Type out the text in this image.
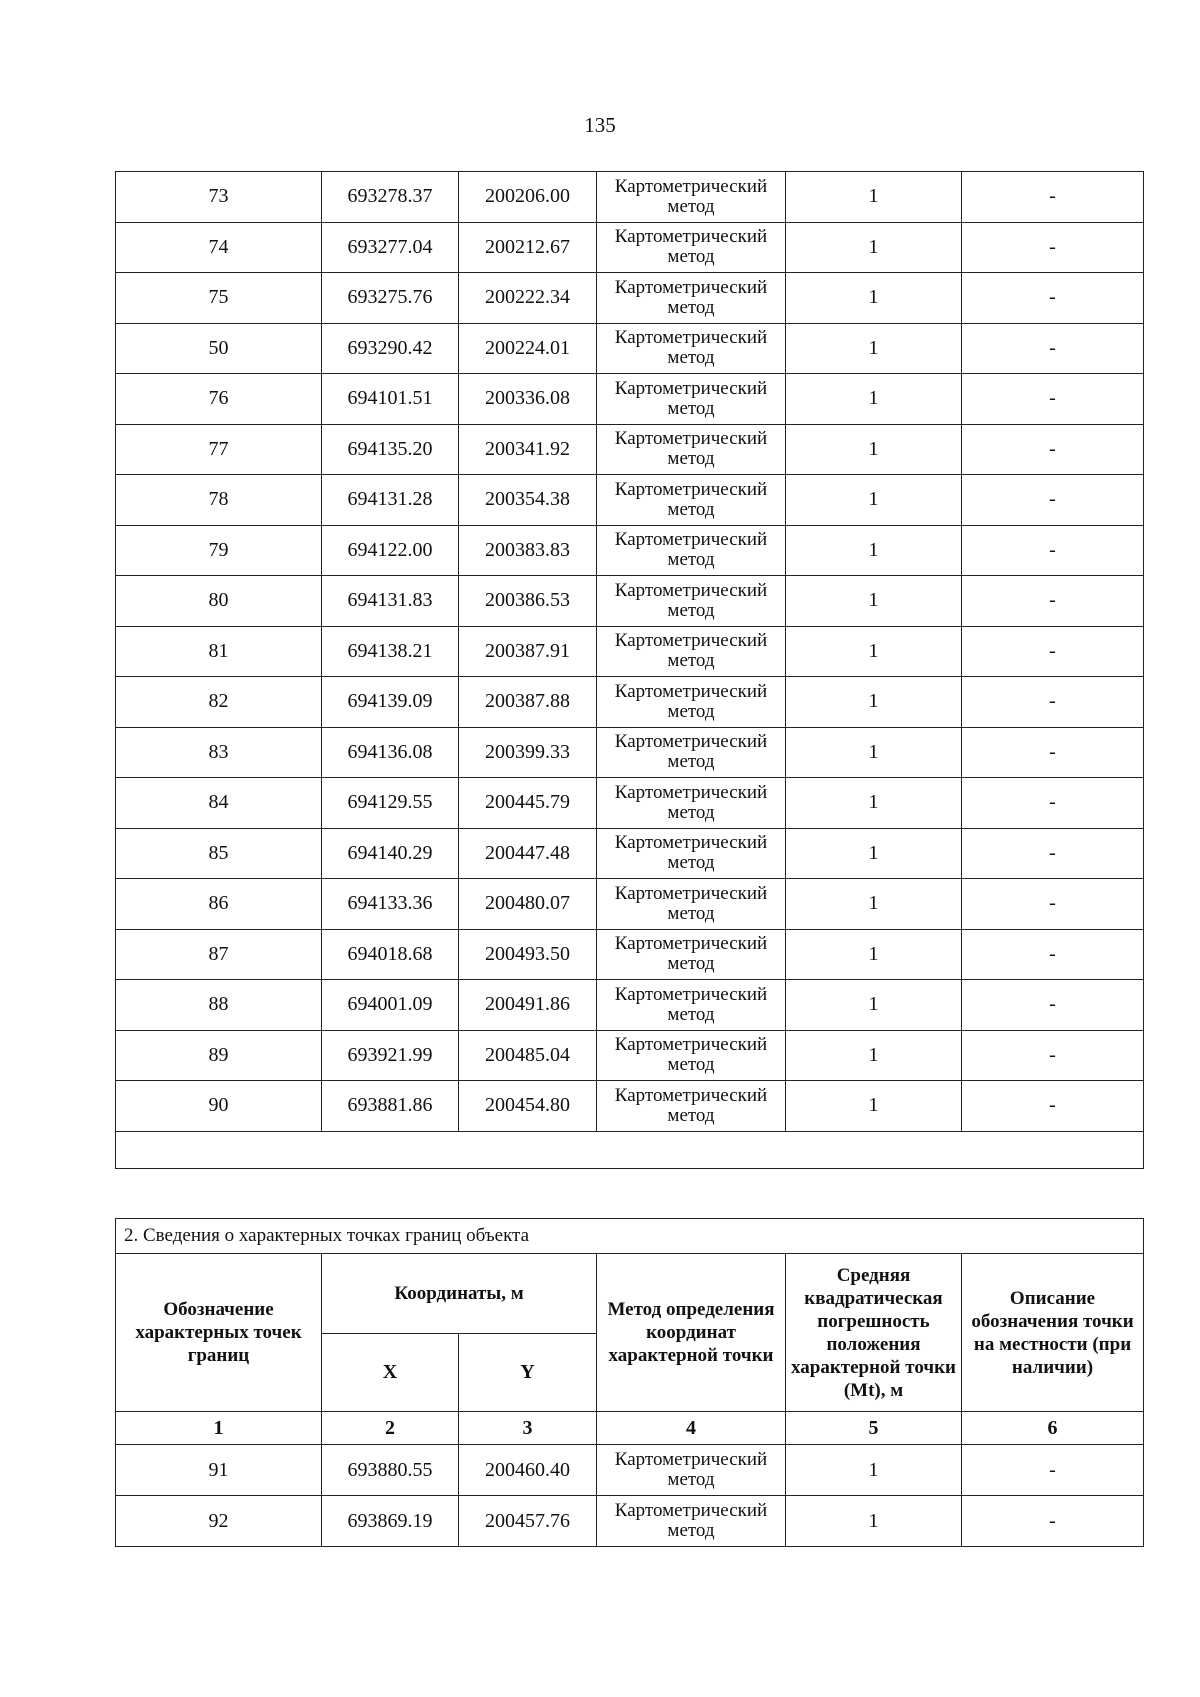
135
73	693278.37	200206.00	Картометрический метод	1	-
74	693277.04	200212.67	Картометрический метод	1	-
75	693275.76	200222.34	Картометрический метод	1	-
50	693290.42	200224.01	Картометрический метод	1	-
76	694101.51	200336.08	Картометрический метод	1	-
77	694135.20	200341.92	Картометрический метод	1	-
78	694131.28	200354.38	Картометрический метод	1	-
79	694122.00	200383.83	Картометрический метод	1	-
80	694131.83	200386.53	Картометрический метод	1	-
81	694138.21	200387.91	Картометрический метод	1	-
82	694139.09	200387.88	Картометрический метод	1	-
83	694136.08	200399.33	Картометрический метод	1	-
84	694129.55	200445.79	Картометрический метод	1	-
85	694140.29	200447.48	Картометрический метод	1	-
86	694133.36	200480.07	Картометрический метод	1	-
87	694018.68	200493.50	Картометрический метод	1	-
88	694001.09	200491.86	Картометрический метод	1	-
89	693921.99	200485.04	Картометрический метод	1	-
90	693881.86	200454.80	Картометрический метод	1	-

2. Сведения о характерных точках границ объекта					
Обозначение характерных точек границ	Координаты, м		Метод определения координат характерной точки	Средняя квадратическая погрешность положения характерной точки (Mt), м	Описание обозначения точки на местности (при наличии)
	X	Y			
1	2	3	4	5	6
91	693880.55	200460.40	Картометрический метод	1	-
92	693869.19	200457.76	Картометрический метод	1	-
